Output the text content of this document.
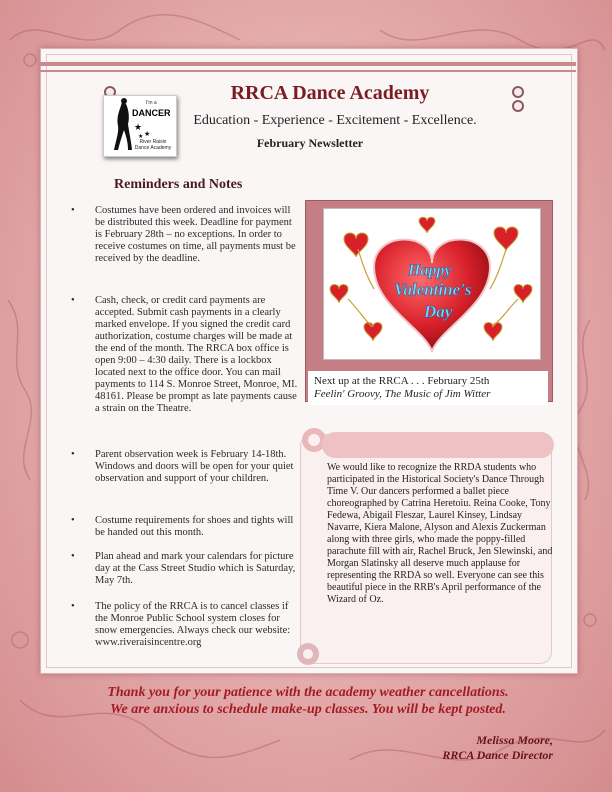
★
★
★
River Raisin
Dance Academy
I'm a
DANCER
RRCA Dance Academy
Education - Experience - Excitement - Excellence.
February Newsletter
Reminders and Notes
• Costumes have been ordered and invoices will be distributed this week. Deadline for payment is February 28th – no exceptions. In order to receive costumes on time, all payments must be received by the deadline.
• Cash, check, or credit card payments are accepted. Submit cash payments in a clearly marked envelope. If you signed the credit card authorization, costume charges will be made at the end of the month. The RRCA box office is open 9:00 – 4:30 daily. There is a lockbox located next to the office door. You can mail payments to 114 S. Monroe Street, Monroe, MI. 48161. Please be prompt as late payments cause a strain on the Theatre.
• Parent observation week is February 14-18th. Windows and doors will be open for your quiet observation and support of your children.
• Costume requirements for shoes and tights will be handed out this month.
• Plan ahead and mark your calendars for picture day at the Cass Street Studio which is Saturday, May 7th.
• The policy of the RRCA is to cancel classes if the Monroe Public School system closes for snow emergencies. Always check our website: www.riveraisincentre.org
Happy
Valentine's
Day
Next up at the RRCA . . . February 25th
Feelin' Groovy, The Music of Jim Witter
We would like to recognize the RRDA students who participated in the Historical Society's Dance Through Time V. Our dancers performed a ballet piece choreographed by Catrina Heretoiu. Reina Cooke, Tony Fedewa, Abigail Fleszar, Laurel Kinsey, Lindsay Navarre, Kiera Malone, Alyson and Alexis Zuckerman along with three girls, who made the poppy-filled parachute fill with air, Rachel Bruck, Jen Slewinski, and Morgan Slatinsky all deserve much applause for representing the RRDA so well. Everyone can see this beautiful piece in the RRB's April performance of the Wizard of Oz.
Thank you for your patience with the academy weather cancellations.
We are anxious to schedule make-up classes. You will be kept posted.
Melissa Moore,
RRCA Dance Director
